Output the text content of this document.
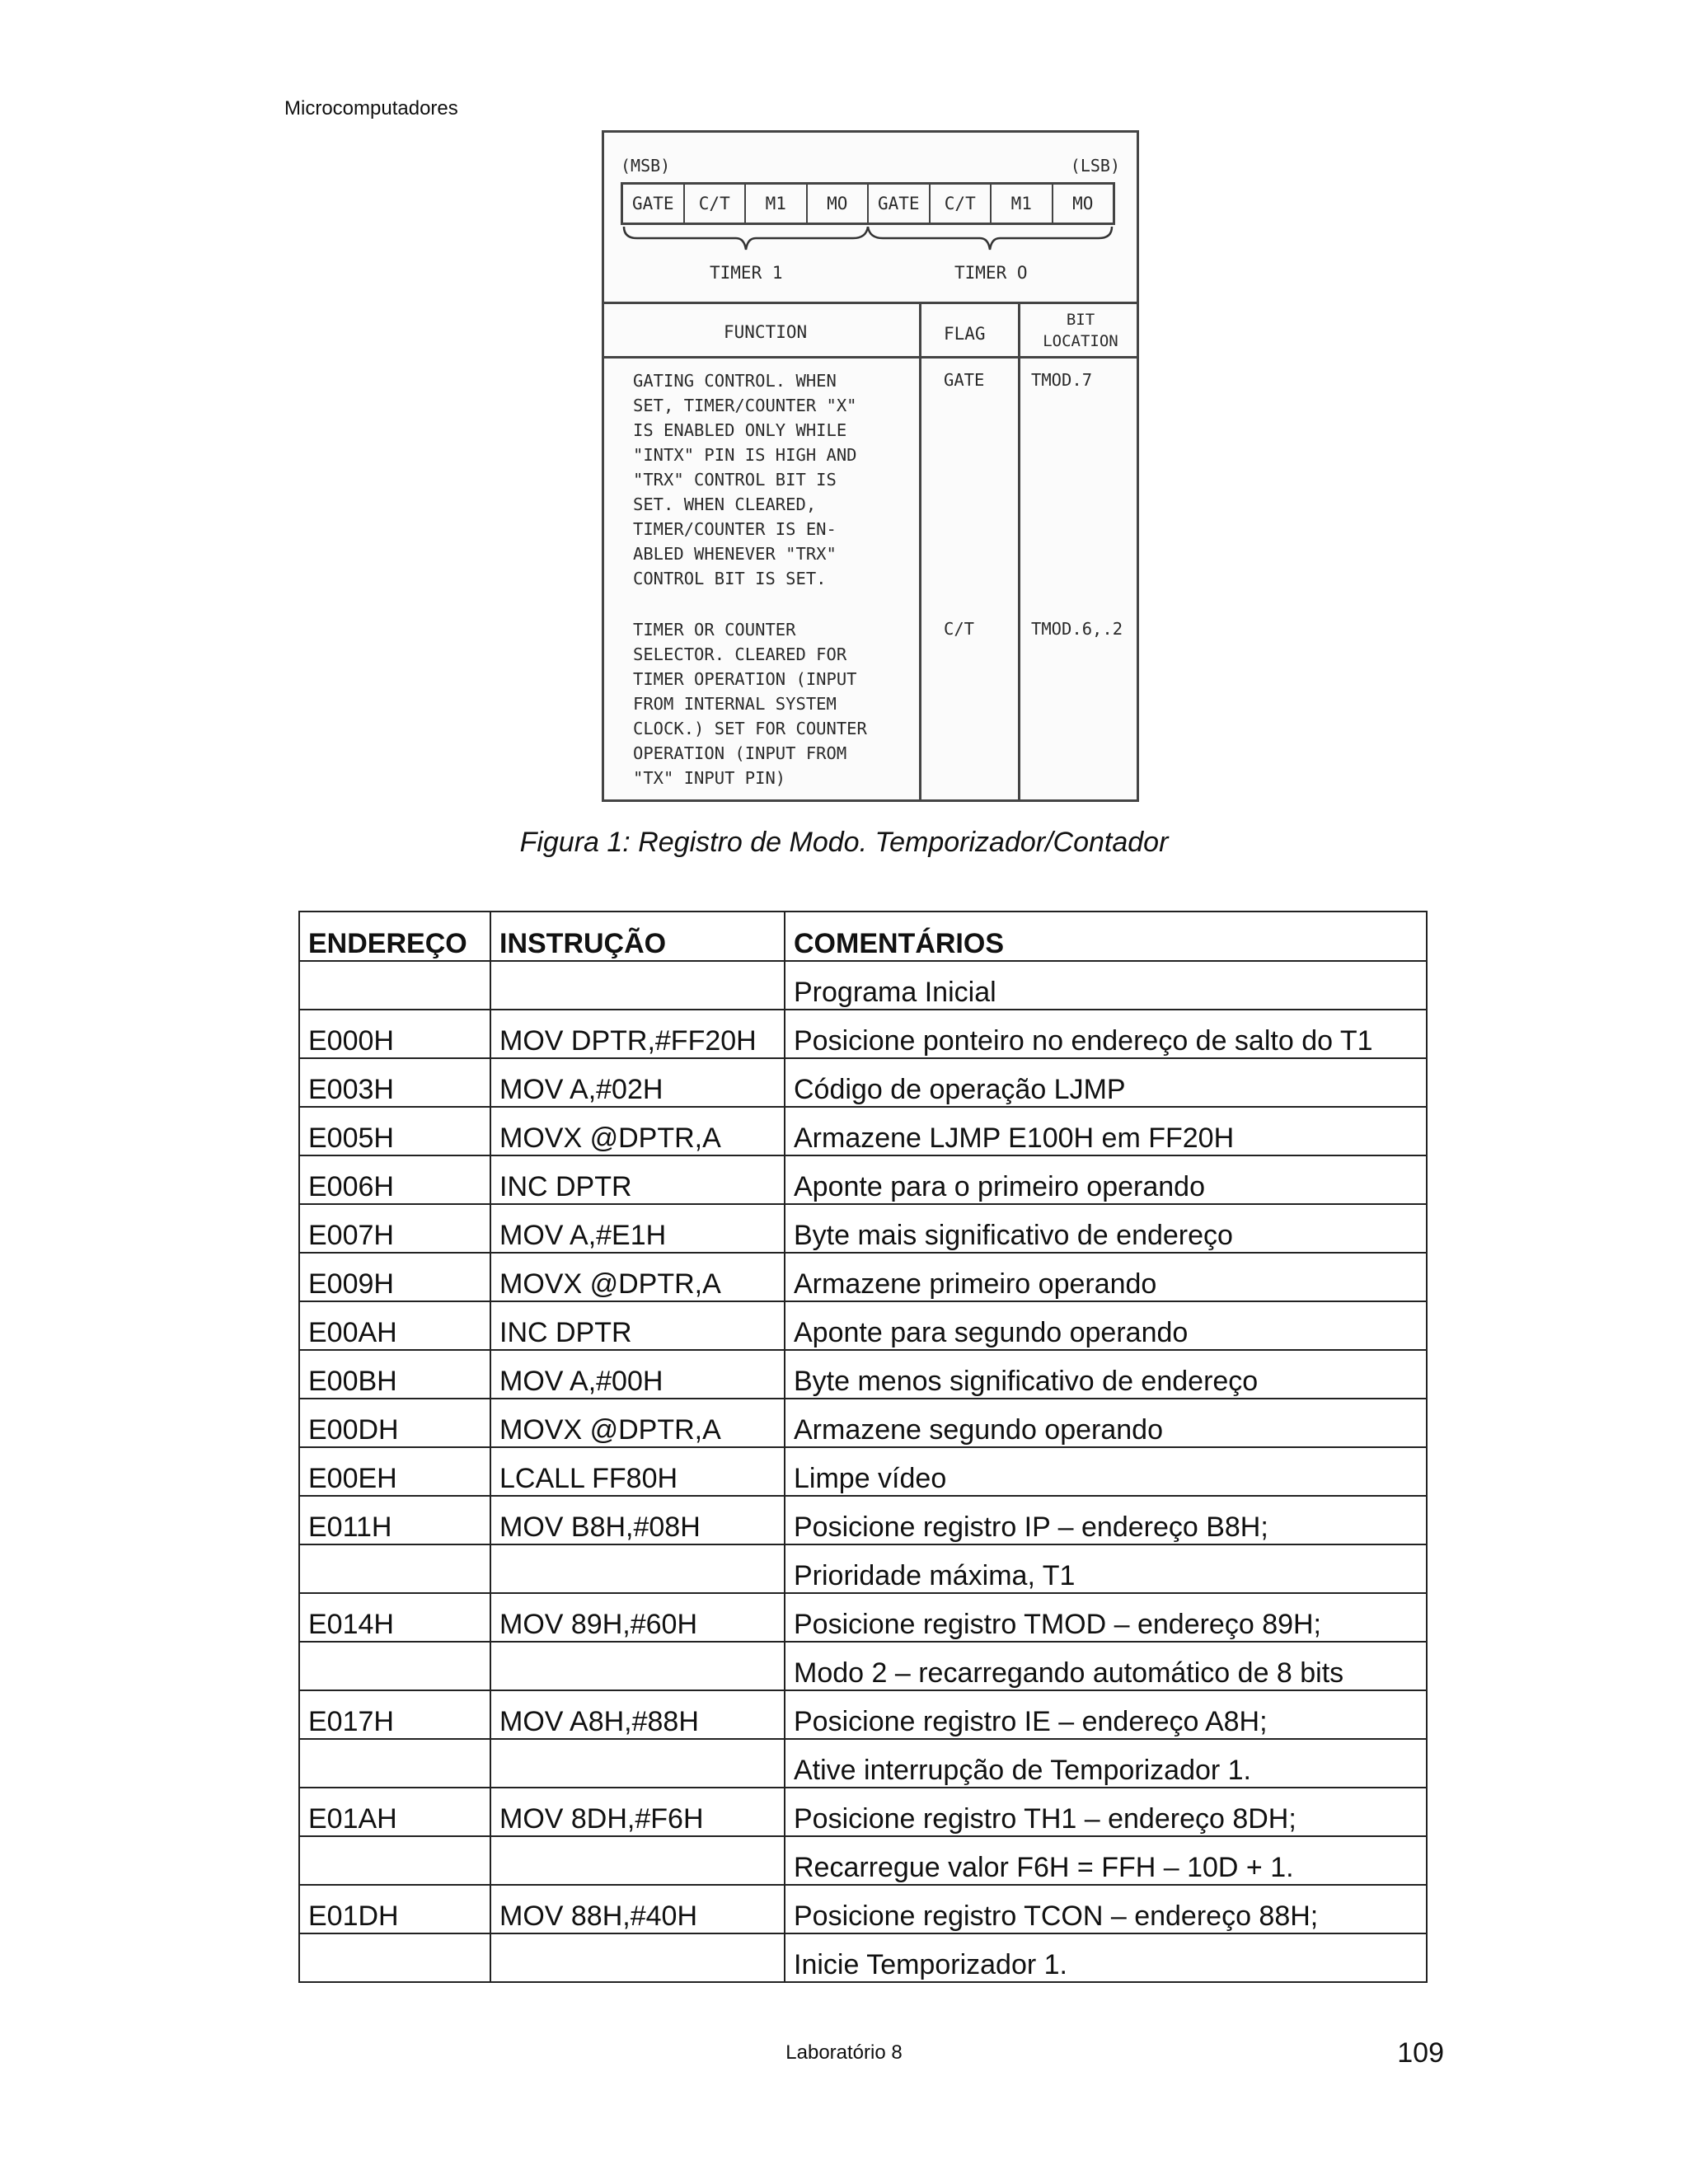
Microcomputadores
(MSB)	(LSB)
GATE	C/T	M1	MO	GATE	C/T	M1	MO
TIMER 1	TIMER O
FUNCTION	FLAG
BIT
LOCATION
GATING CONTROL. WHEN
SET, TIMER/COUNTER "X"
IS ENABLED ONLY WHILE
"INTX" PIN IS HIGH AND
"TRX" CONTROL BIT IS
SET. WHEN CLEARED,
TIMER/COUNTER IS EN-
ABLED WHENEVER "TRX"
CONTROL BIT IS SET.
GATE	TMOD.7
TIMER OR COUNTER
SELECTOR. CLEARED FOR
TIMER OPERATION (INPUT
FROM INTERNAL SYSTEM
CLOCK.) SET FOR COUNTER
OPERATION (INPUT FROM
"TX" INPUT PIN)
C/T	TMOD.6,.2
Figura 1: Registro de Modo. Temporizador/Contador
ENDEREÇO	INSTRUÇÃO	COMENTÁRIOS
		Programa Inicial
E000H	MOV DPTR,#FF20H	Posicione ponteiro no endereço de salto do T1
E003H	MOV A,#02H	Código de operação LJMP
E005H	MOVX @DPTR,A	Armazene LJMP E100H em FF20H
E006H	INC DPTR	Aponte para o primeiro operando
E007H	MOV A,#E1H	Byte mais significativo de endereço
E009H	MOVX @DPTR,A	Armazene primeiro operando
E00AH	INC DPTR	Aponte para segundo operando
E00BH	MOV A,#00H	Byte menos significativo de endereço
E00DH	MOVX @DPTR,A	Armazene segundo operando
E00EH	LCALL FF80H	Limpe vídeo
E011H	MOV B8H,#08H	Posicione registro IP – endereço B8H;
		Prioridade máxima, T1
E014H	MOV 89H,#60H	Posicione registro TMOD – endereço 89H;
		Modo 2 – recarregando automático de 8 bits
E017H	MOV A8H,#88H	Posicione registro IE – endereço A8H;
		Ative interrupção de Temporizador 1.
E01AH	MOV 8DH,#F6H	Posicione registro TH1 – endereço 8DH;
		Recarregue valor F6H = FFH – 10D + 1.
E01DH	MOV 88H,#40H	Posicione registro TCON – endereço 88H;
		Inicie Temporizador 1.
Laboratório 8	109
